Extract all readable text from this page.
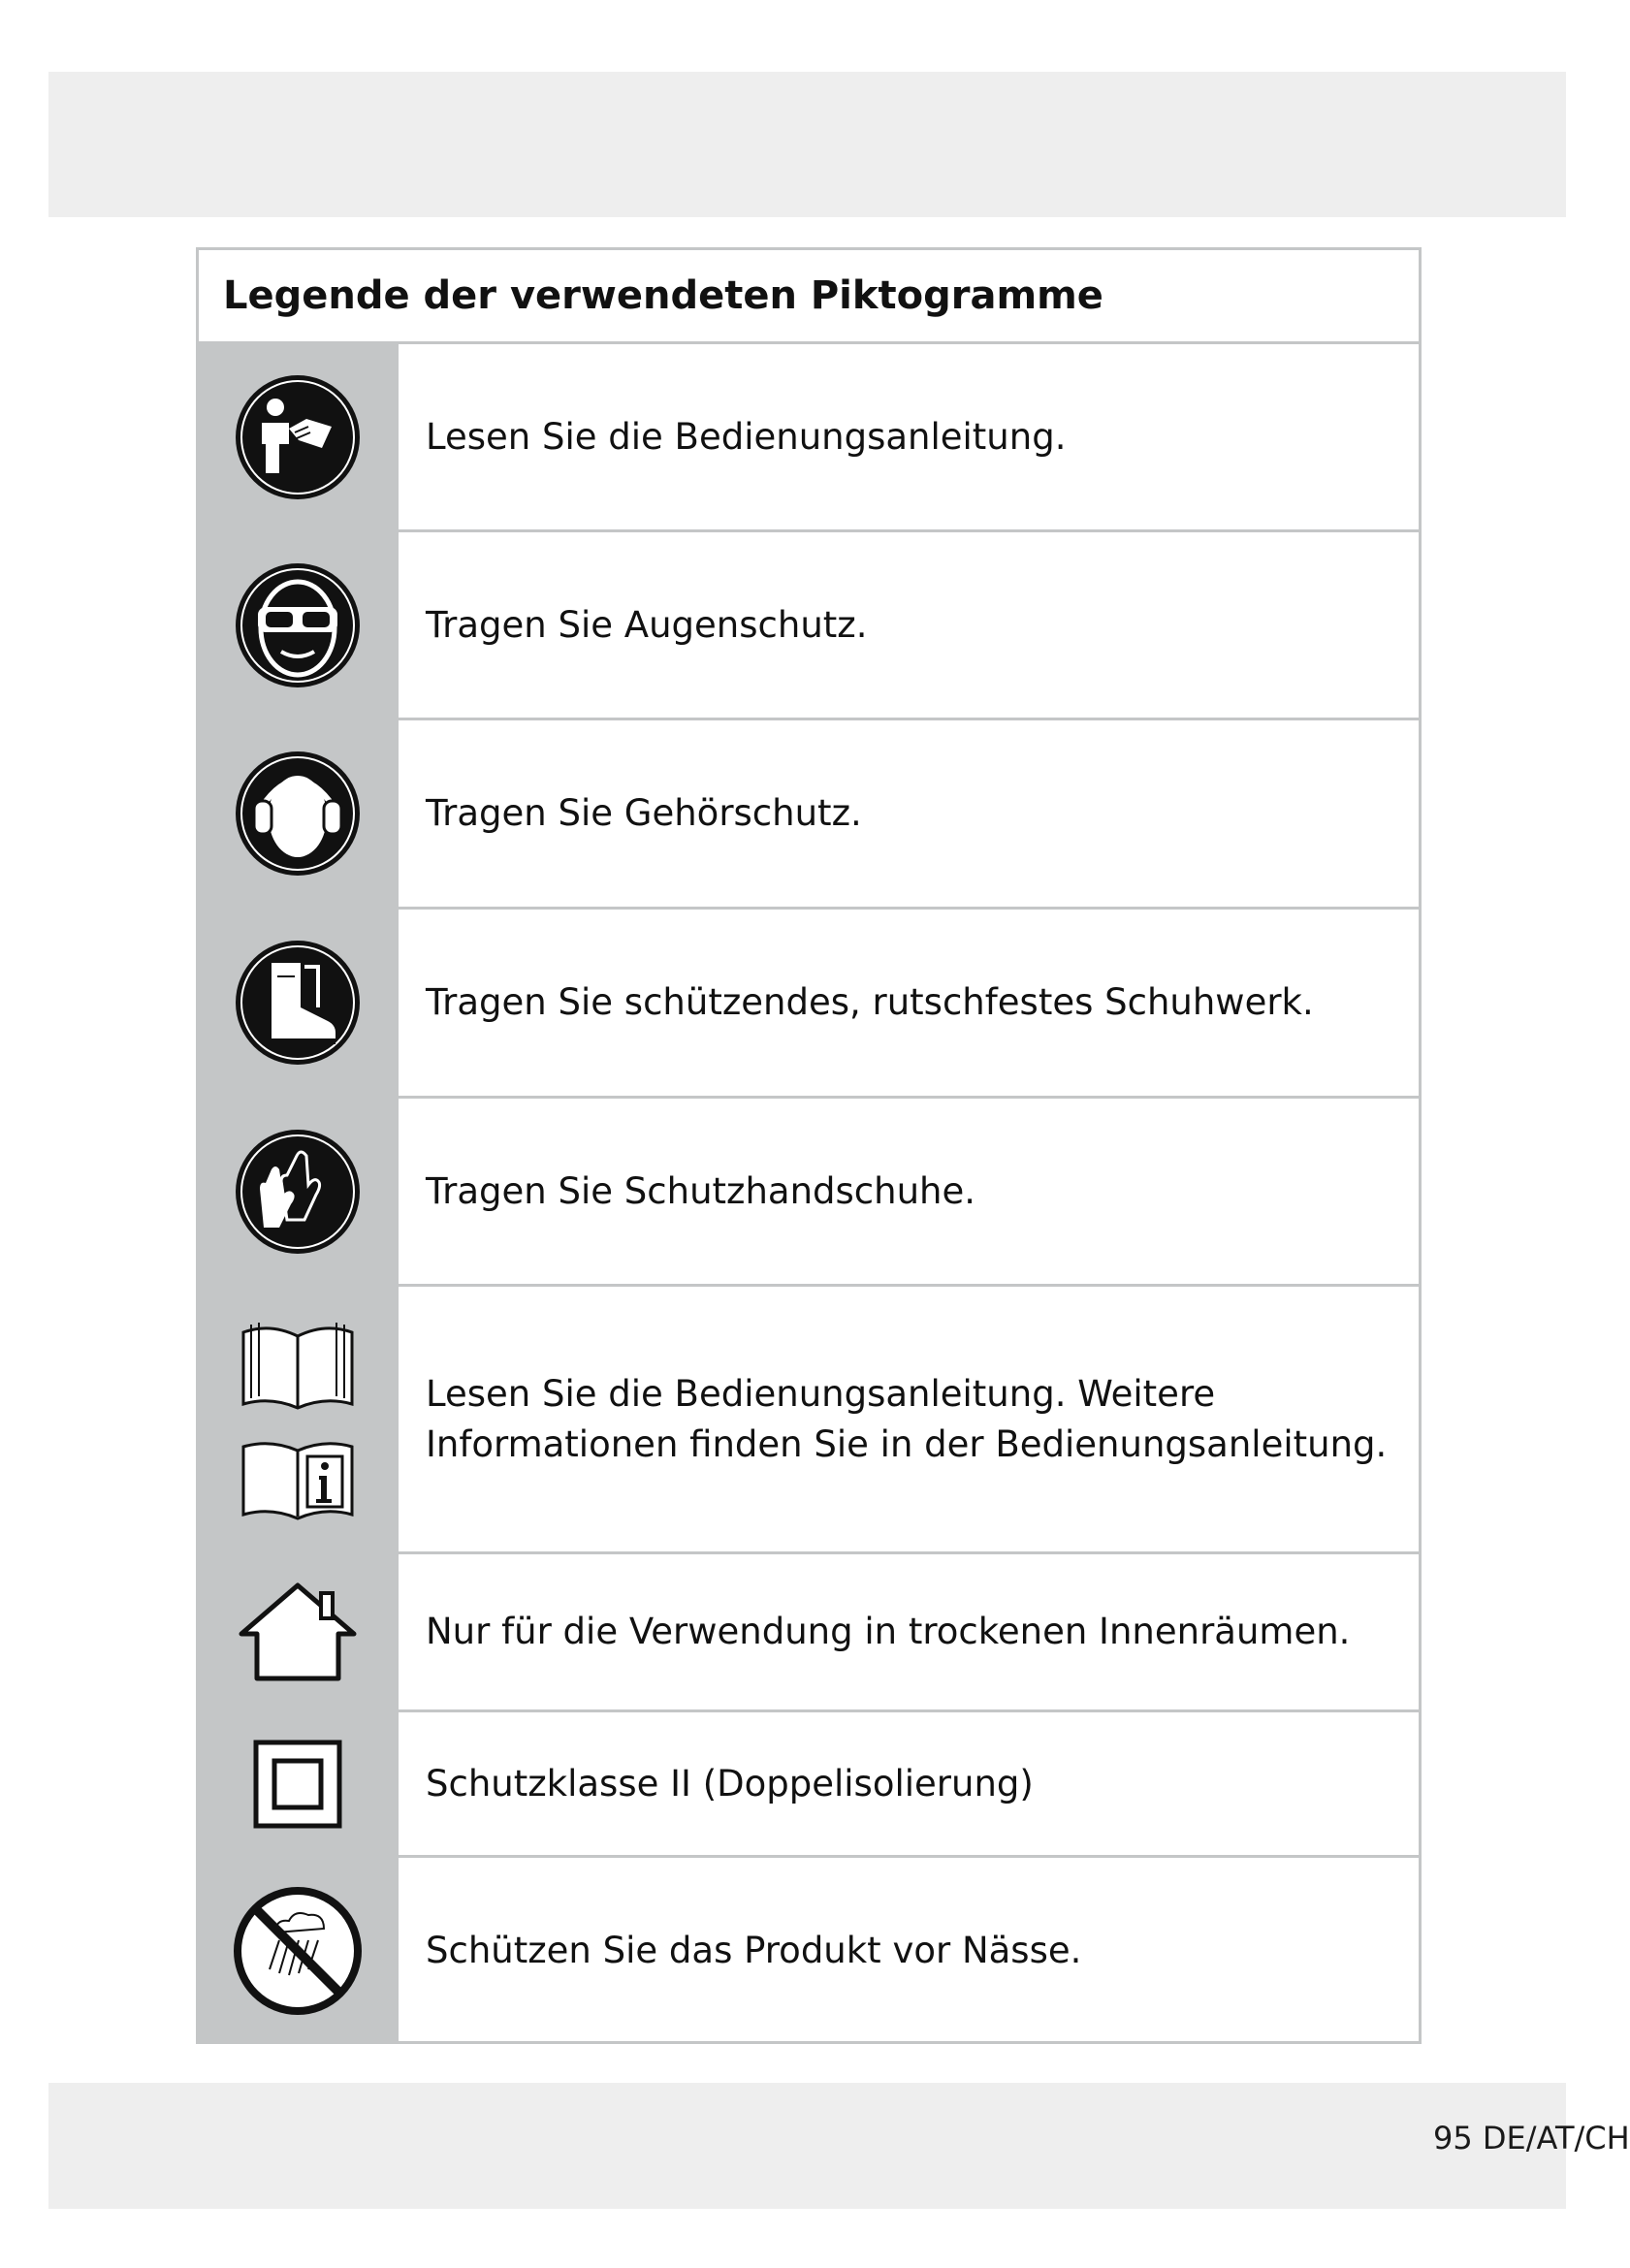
Legende der verwendeten Piktogramme
Lesen Sie die Bedienungsanleitung.
Tragen Sie Augenschutz.
Tragen Sie Gehörschutz.
Tragen Sie schützendes, rutschfestes Schuhwerk.
Tragen Sie Schutzhandschuhe.
Lesen Sie die Bedienungsanleitung. Weitere Informationen finden Sie in der Bedienungsanleitung.
Nur für die Verwendung in trockenen Innenräumen.
Schutzklasse II (Doppelisolierung)
Schützen Sie das Produkt vor Nässe.
95 DE/AT/CH
